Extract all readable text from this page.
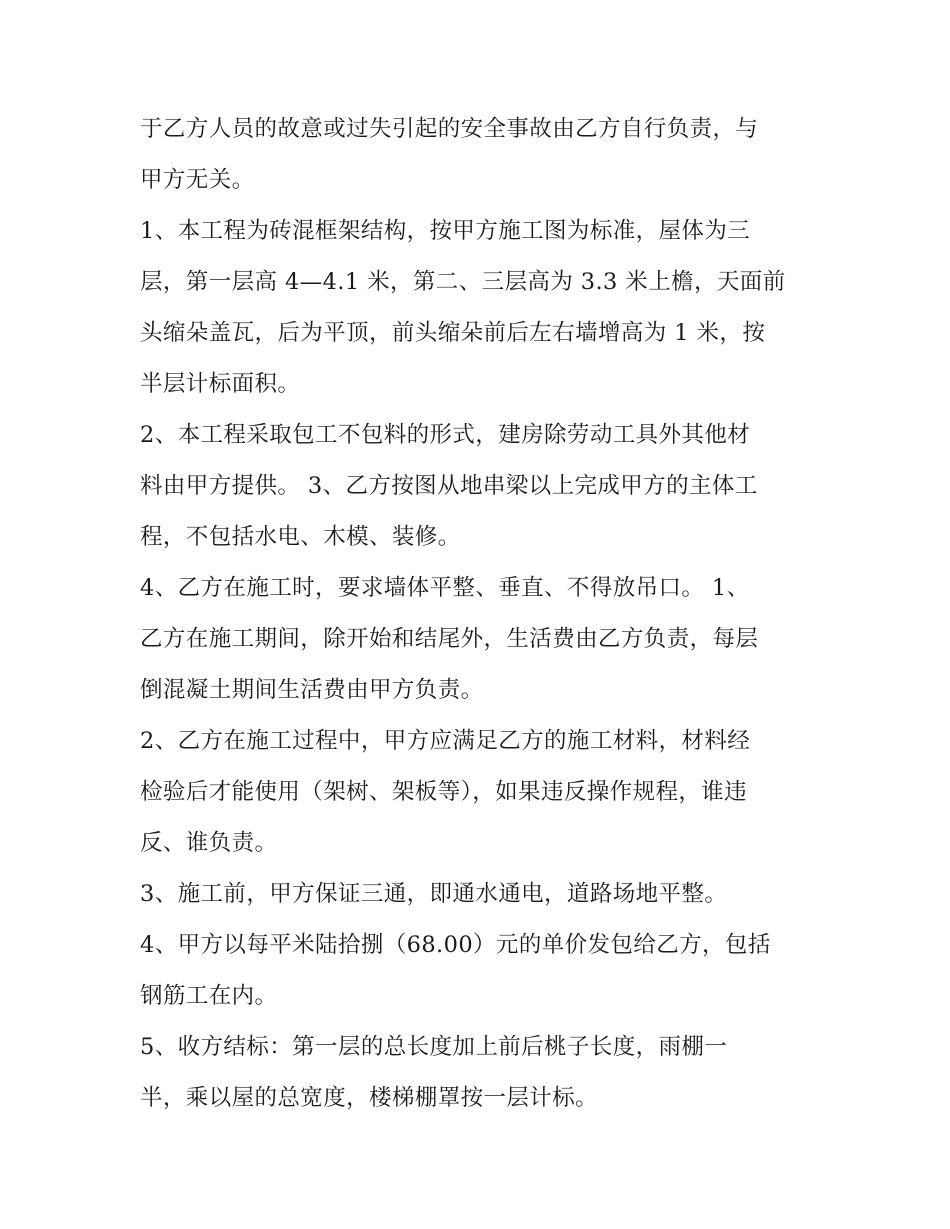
于乙方人员的故意或过失引起的安全事故由乙方自行负责，与
甲方无关。
1、本工程为砖混框架结构，按甲方施工图为标准，屋体为三
层，第一层高 4—4.1 米，第二、三层高为 3.3 米上檐，天面前
头缩朵盖瓦，后为平顶，前头缩朵前后左右墙增高为 1 米，按
半层计标面积。
2、本工程采取包工不包料的形式，建房除劳动工具外其他材
料由甲方提供。 3、乙方按图从地串梁以上完成甲方的主体工
程，不包括水电、木模、装修。
4、乙方在施工时，要求墙体平整、垂直、不得放吊口。 1、
乙方在施工期间，除开始和结尾外，生活费由乙方负责，每层
倒混凝土期间生活费由甲方负责。
2、乙方在施工过程中，甲方应满足乙方的施工材料，材料经
检验后才能使用（架树、架板等），如果违反操作规程，谁违
反、谁负责。
3、施工前，甲方保证三通，即通水通电，道路场地平整。
4、甲方以每平米陆拾捌（68.00）元的单价发包给乙方，包括
钢筋工在内。
5、收方结标：第一层的总长度加上前后桃子长度，雨棚一
半，乘以屋的总宽度，楼梯棚罩按一层计标。
